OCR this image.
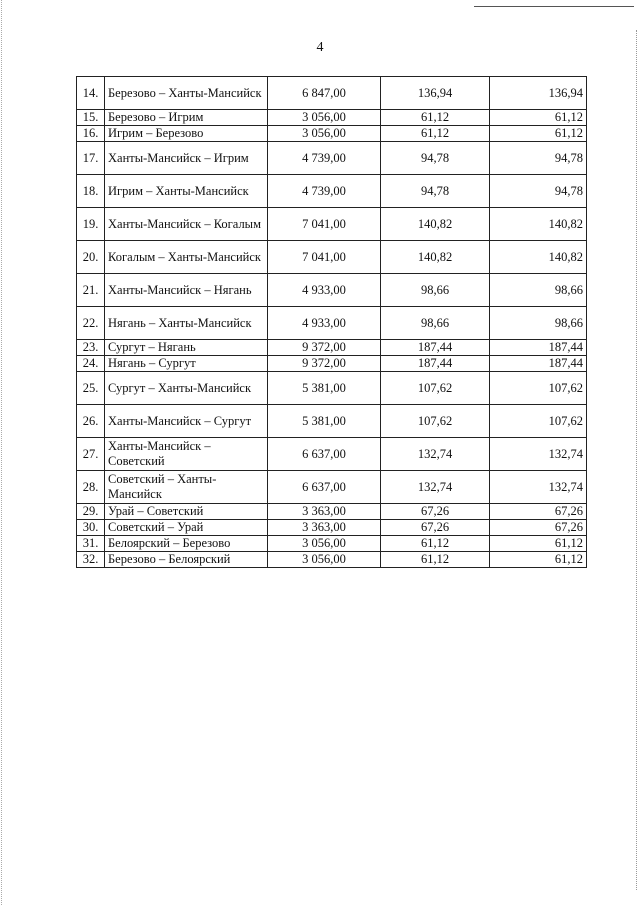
4
14.	Березово – Ханты-Мансийск	6 847,00	136,94	136,94
15.	Березово – Игрим	3 056,00	61,12	61,12
16.	Игрим – Березово	3 056,00	61,12	61,12
17.	Ханты-Мансийск – Игрим	4 739,00	94,78	94,78
18.	Игрим – Ханты-Мансийск	4 739,00	94,78	94,78
19.	Ханты-Мансийск – Когалым	7 041,00	140,82	140,82
20.	Когалым – Ханты-Мансийск	7 041,00	140,82	140,82
21.	Ханты-Мансийск – Нягань	4 933,00	98,66	98,66
22.	Нягань – Ханты-Мансийск	4 933,00	98,66	98,66
23.	Сургут – Нягань	9 372,00	187,44	187,44
24.	Нягань – Сургут	9 372,00	187,44	187,44
25.	Сургут – Ханты-Мансийск	5 381,00	107,62	107,62
26.	Ханты-Мансийск – Сургут	5 381,00	107,62	107,62
27.	Ханты-Мансийск – Советский	6 637,00	132,74	132,74
28.	Советский – Ханты-Мансийск	6 637,00	132,74	132,74
29.	Урай – Советский	3 363,00	67,26	67,26
30.	Советский – Урай	3 363,00	67,26	67,26
31.	Белоярский – Березово	3 056,00	61,12	61,12
32.	Березово – Белоярский	3 056,00	61,12	61,12
